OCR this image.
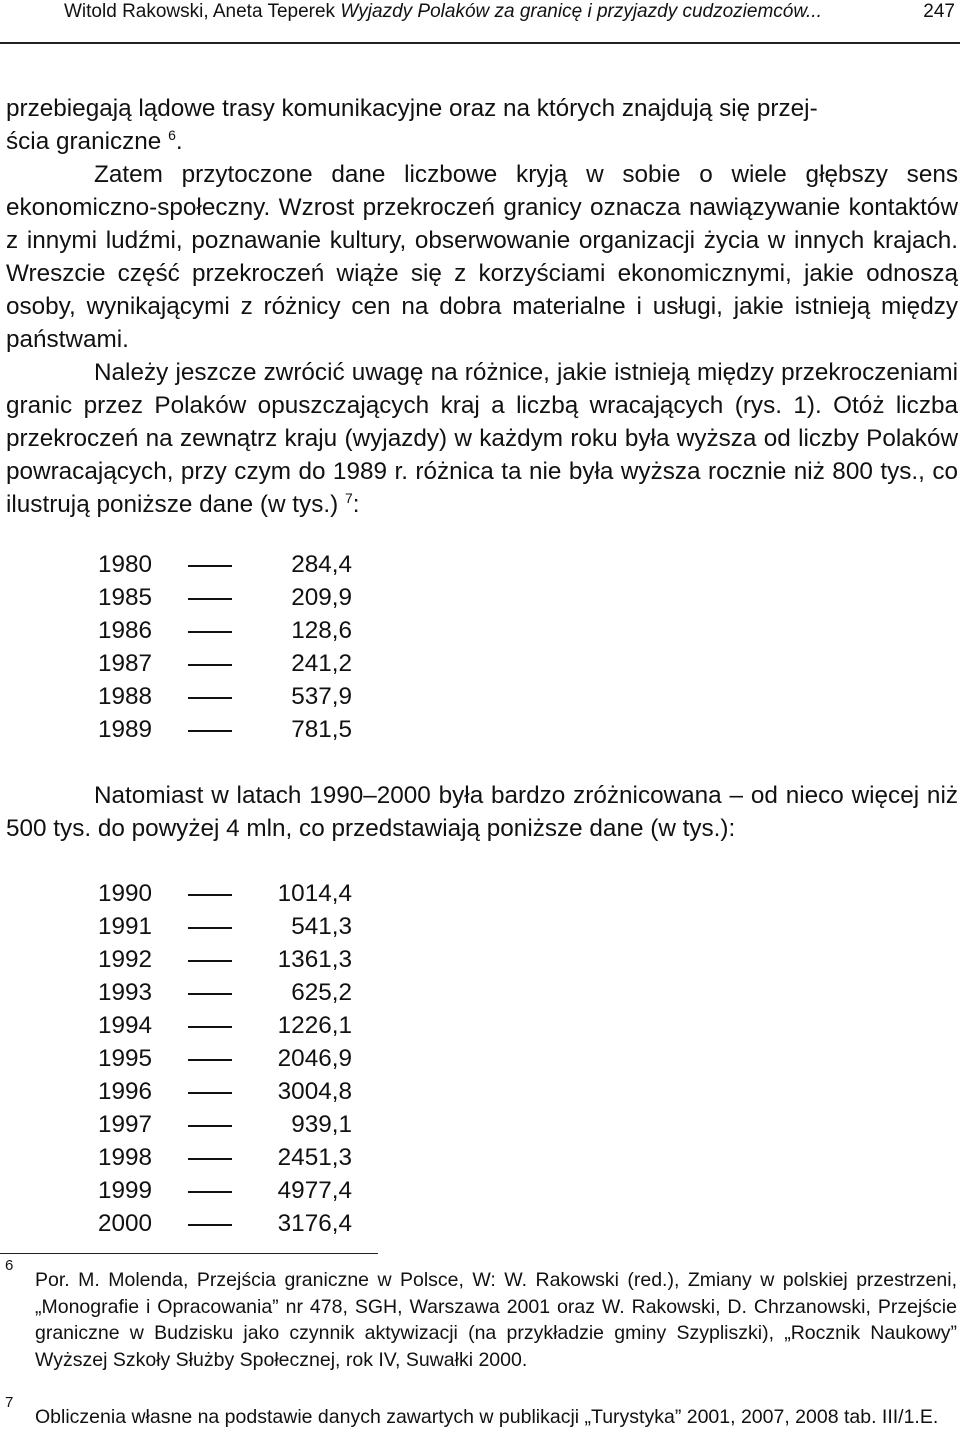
Witold Rakowski, Aneta Teperek Wyjazdy Polaków za granicę i przyjazdy cudzoziemców...	247

przebiegają lądowe trasy komunikacyjne oraz na których znajdują się przej-
ścia graniczne $^6$.

Zatem przytoczone dane liczbowe kryją w sobie o wiele głębszy sens ekonomiczno-społeczny. Wzrost przekroczeń granicy oznacza nawiązywanie kontaktów z innymi ludźmi, poznawanie kultury, obserwowanie organizacji życia w innych krajach. Wreszcie część przekroczeń wiąże się z korzyściami ekonomicznymi, jakie odnoszą osoby, wynikającymi z różnicy cen na dobra materialne i usługi, jakie istnieją między państwami.

Należy jeszcze zwrócić uwagę na różnice, jakie istnieją między przekroczeniami granic przez Polaków opuszczających kraj a liczbą wracających (rys. 1). Otóż liczba przekroczeń na zewnątrz kraju (wyjazdy) w każdym roku była wyższa od liczby Polaków powracających, przy czym do 1989 r. różnica ta nie była wyższa rocznie niż 800 tys., co ilustrują poniższe dane (w tys.) $^7$:

1980	284,4
1985	209,9
1986	128,6
1987	241,2
1988	537,9
1989	781,5

Natomiast w latach 1990–2000 była bardzo zróżnicowana – od nieco więcej niż 500 tys. do powyżej 4 mln, co przedstawiają poniższe dane (w tys.):

1990	1014,4
1991	541,3
1992	1361,3
1993	625,2
1994	1226,1
1995	2046,9
1996	3004,8
1997	939,1
1998	2451,3
1999	4977,4
2000	3176,4
6
Por. M. Molenda, Przejścia graniczne w Polsce, W: W. Rakowski (red.), Zmiany w polskiej przestrzeni, „Monografie i Opracowania” nr 478, SGH, Warszawa 2001 oraz W. Rakowski, D. Chrzanowski, Przejście graniczne w Budzisku jako czynnik aktywizacji (na przykładzie gminy Szypliszki), „Rocznik Naukowy” Wyższej Szkoły Służby Społecznej, rok IV, Suwałki 2000.
7
Obliczenia własne na podstawie danych zawartych w publikacji „Turystyka” 2001, 2007, 2008 tab. III/1.E.
